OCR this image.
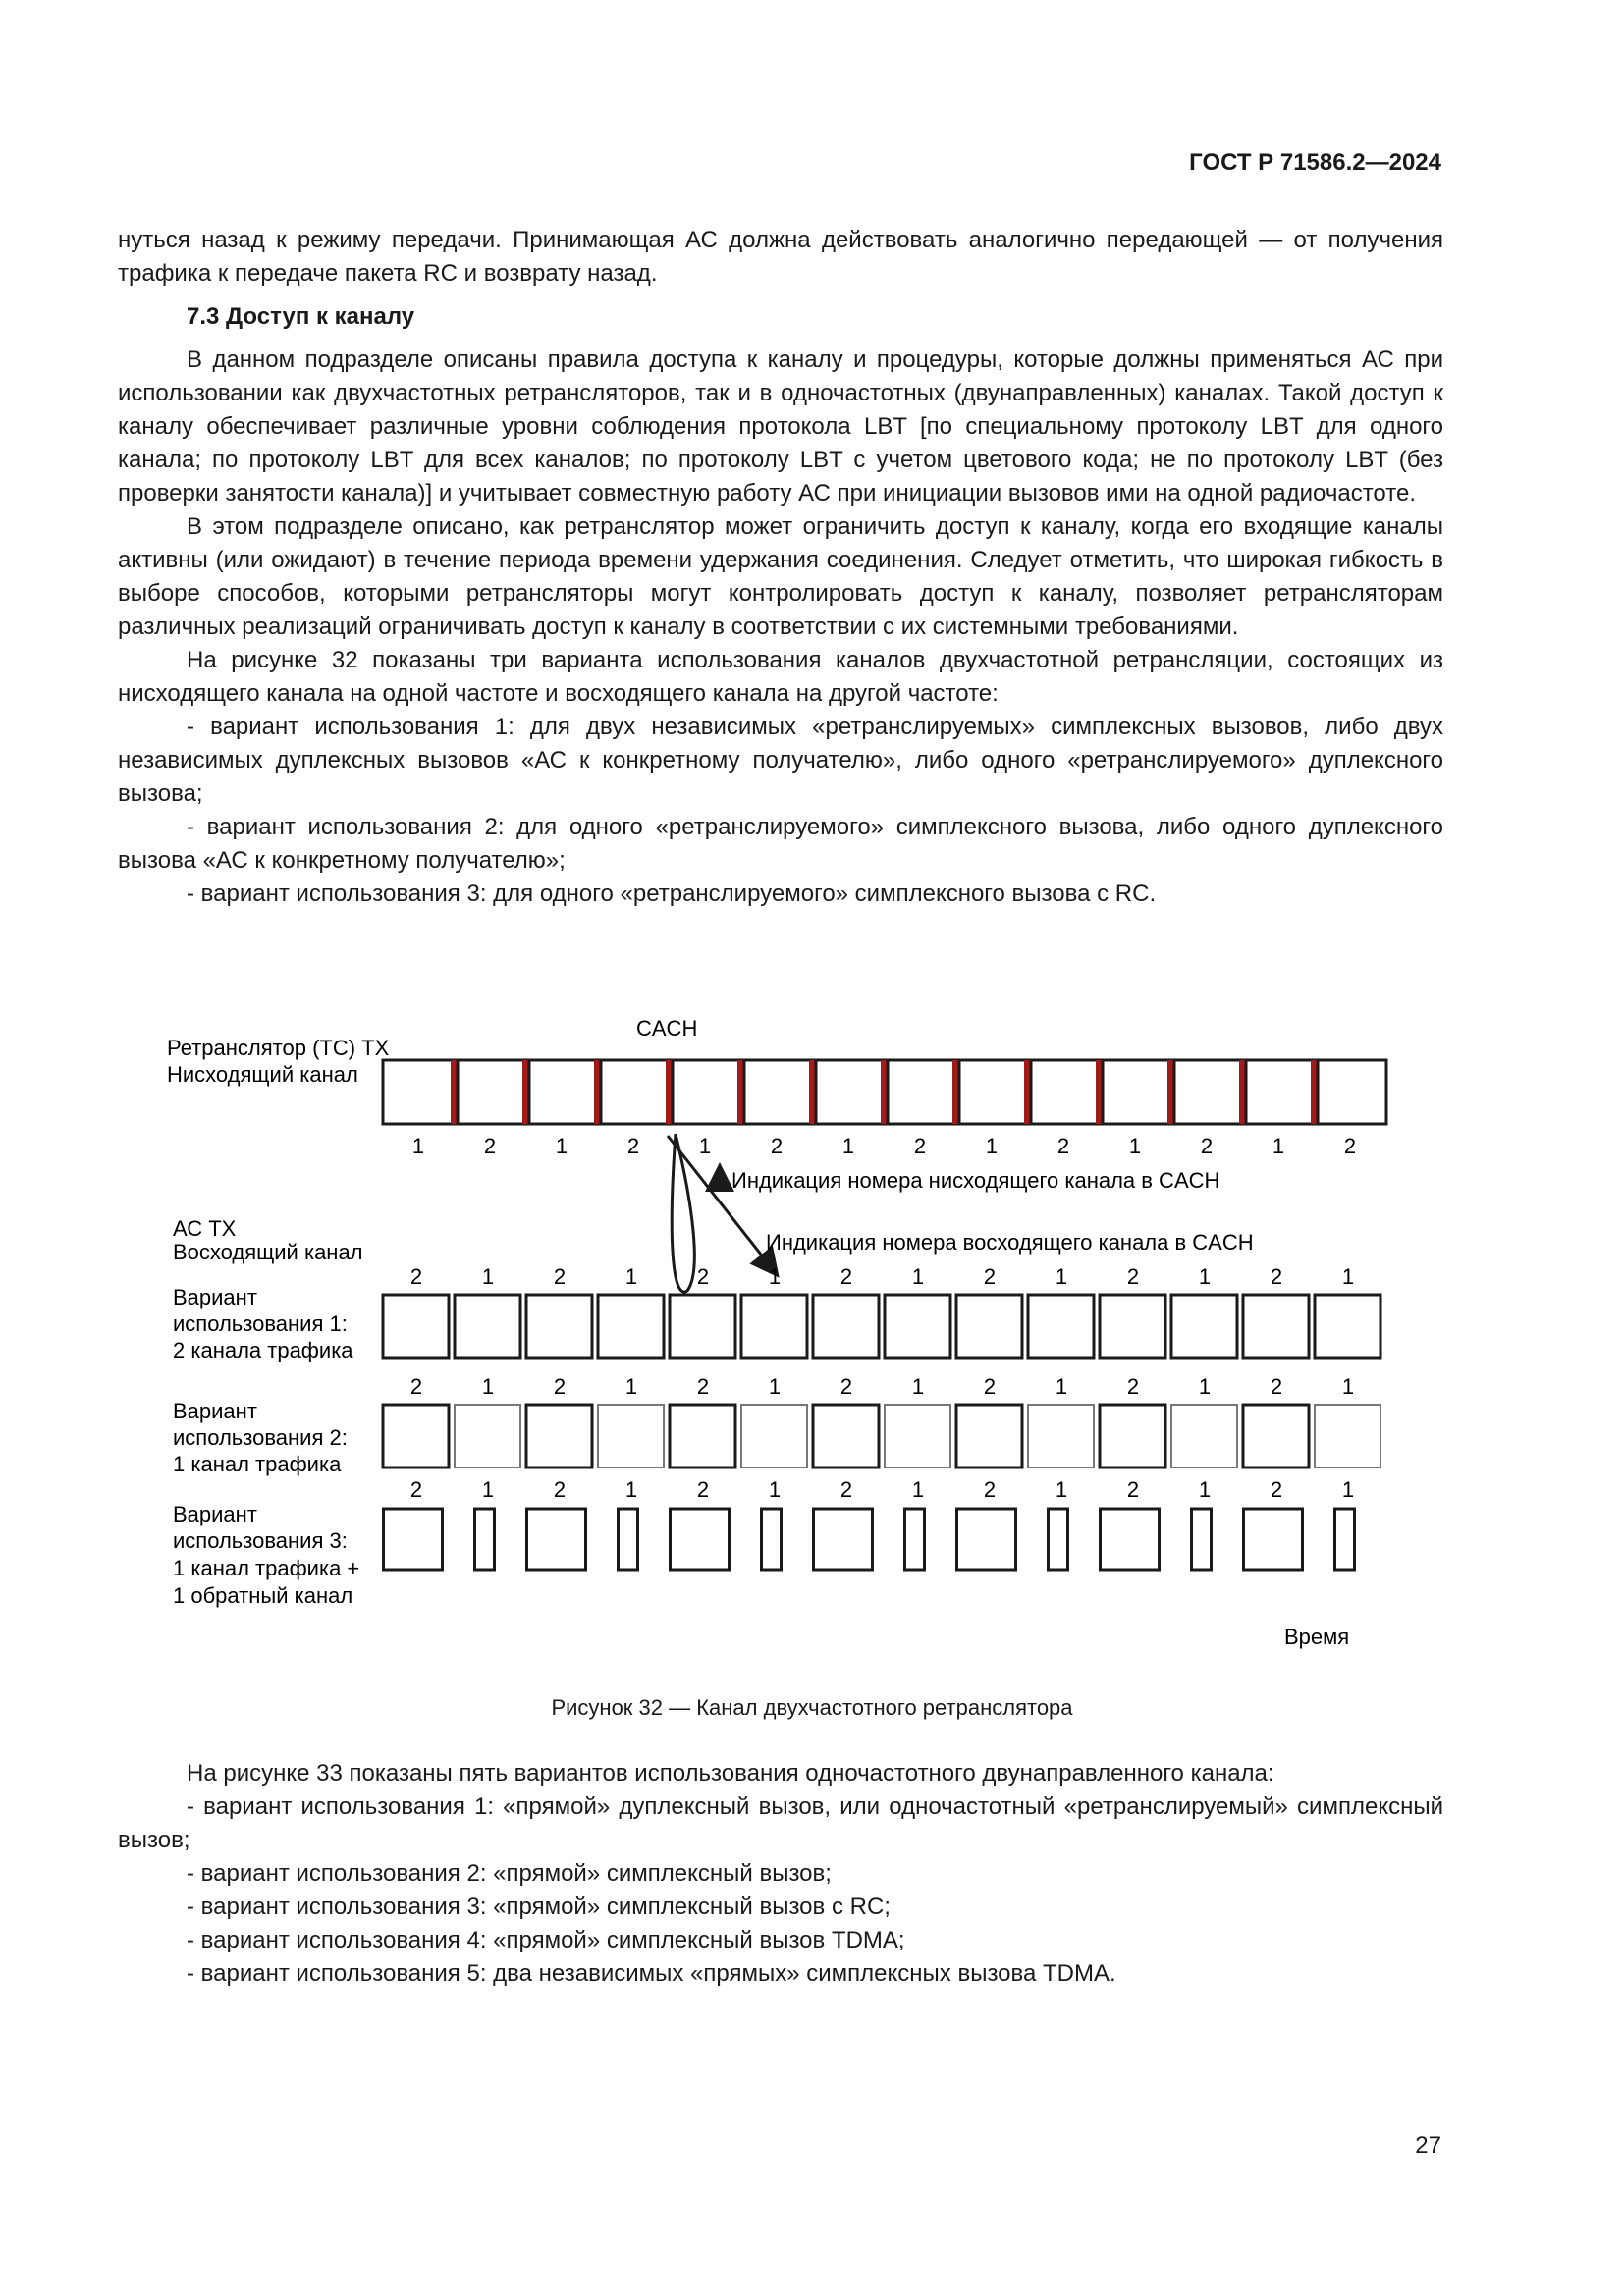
ГОСТ Р 71586.2—2024

нуться назад к режиму передачи. Принимающая АС должна действовать аналогично передающей — от получения трафика к передаче пакета RC и возврату назад.

7.3 Доступ к каналу

В данном подразделе описаны правила доступа к каналу и процедуры, которые должны применяться АС при использовании как двухчастотных ретрансляторов, так и в одночастотных (двунаправленных) каналах. Такой доступ к каналу обеспечивает различные уровни соблюдения протокола LBT [по специальному протоколу LBT для одного канала; по протоколу LBT для всех каналов; по протоколу LBT с учетом цветового кода; не по протоколу LBT (без проверки занятости канала)] и учитывает совместную работу АС при инициации вызовов ими на одной радиочастоте.

В этом подразделе описано, как ретранслятор может ограничить доступ к каналу, когда его входящие каналы активны (или ожидают) в течение периода времени удержания соединения. Следует отметить, что широкая гибкость в выборе способов, которыми ретрансляторы могут контролировать доступ к каналу, позволяет ретрансляторам различных реализаций ограничивать доступ к каналу в соответствии с их системными требованиями.

На рисунке 32 показаны три варианта использования каналов двухчастотной ретрансляции, состоящих из нисходящего канала на одной частоте и восходящего канала на другой частоте:

- вариант использования 1: для двух независимых «ретранслируемых» симплексных вызовов, либо двух независимых дуплексных вызовов «АС к конкретному получателю», либо одного «ретранслируемого» дуплексного вызова;

- вариант использования 2: для одного «ретранслируемого» симплексного вызова, либо одного дуплексного вызова «АС к конкретному получателю»;

- вариант использования 3: для одного «ретранслируемого» симплексного вызова с RC.

CACH
Ретранслятор (ТС) ТХ
Нисходящий канал
1	2	1	2	1	2	1	2	1	2	1	2	1	2
Индикация номера нисходящего канала в CACH
Индикация номера восходящего канала в CACH
АС ТХ
Восходящий канал
2	1	2	1	2	1	2	1	2	1	2	1	2	1
Вариант
использования 1:
2 канала трафика
2	1	2	1	2	1	2	1	2	1	2	1	2	1
Вариант
использования 2:
1 канал трафика
2	1	2	1	2	1	2	1	2	1	2	1	2	1
Вариант
использования 3:
1 канал трафика +
1 обратный канал
Время
Рисунок 32 — Канал двухчастотного ретранслятора

На рисунке 33 показаны пять вариантов использования одночастотного двунаправленного канала:

- вариант использования 1: «прямой» дуплексный вызов, или одночастотный «ретранслируемый» симплексный вызов;

- вариант использования 2: «прямой» симплексный вызов;

- вариант использования 3: «прямой» симплексный вызов с RC;

- вариант использования 4: «прямой» симплексный вызов TDMA;

- вариант использования 5: два независимых «прямых» симплексных вызова TDMA.

27
